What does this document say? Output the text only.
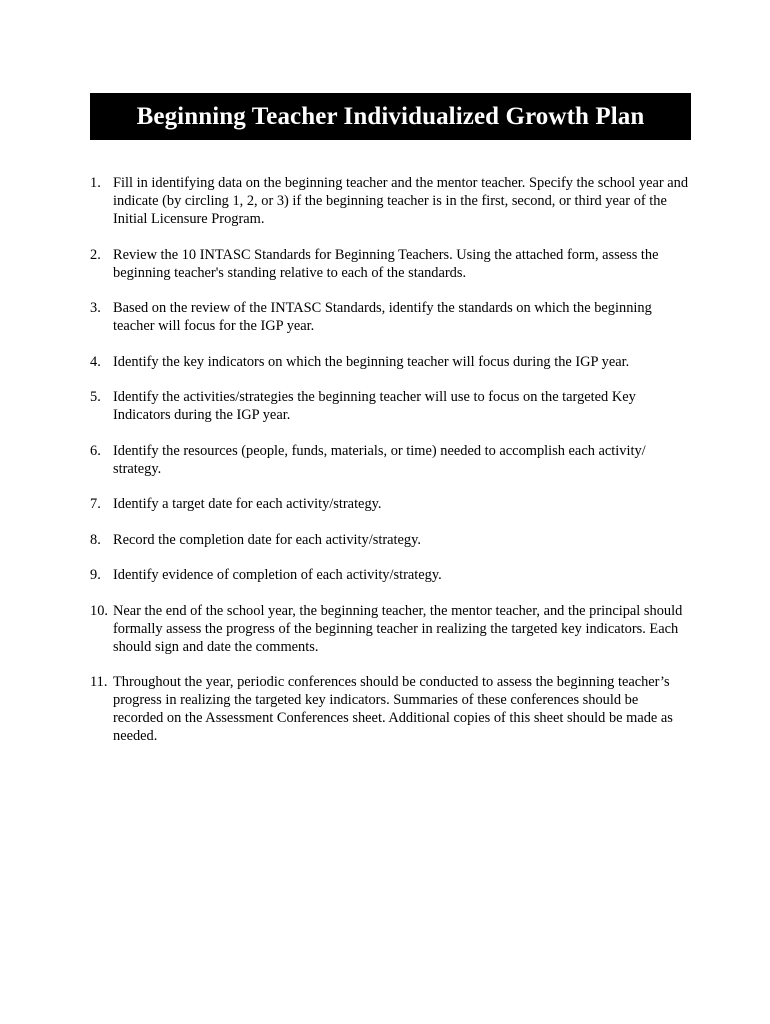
Beginning Teacher Individualized Growth Plan
1. Fill in identifying data on the beginning teacher and the mentor teacher. Specify the school year and indicate (by circling 1, 2, or 3) if the beginning teacher is in the first, second, or third year of the Initial Licensure Program.
2. Review the 10 INTASC Standards for Beginning Teachers. Using the attached form, assess the beginning teacher's standing relative to each of the standards.
3. Based on the review of the INTASC Standards, identify the standards on which the beginning teacher will focus for the IGP year.
4. Identify the key indicators on which the beginning teacher will focus during the IGP year.
5. Identify the activities/strategies the beginning teacher will use to focus on the targeted Key Indicators during the IGP year.
6. Identify the resources (people, funds, materials, or time) needed to accomplish each activity/ strategy.
7. Identify a target date for each activity/strategy.
8. Record the completion date for each activity/strategy.
9. Identify evidence of completion of each activity/strategy.
10. Near the end of the school year, the beginning teacher, the mentor teacher, and the principal should formally assess the progress of the beginning teacher in realizing the targeted key indicators. Each should sign and date the comments.
11. Throughout the year, periodic conferences should be conducted to assess the beginning teacher’s progress in realizing the targeted key indicators. Summaries of these conferences should be recorded on the Assessment Conferences sheet. Additional copies of this sheet should be made as needed.
